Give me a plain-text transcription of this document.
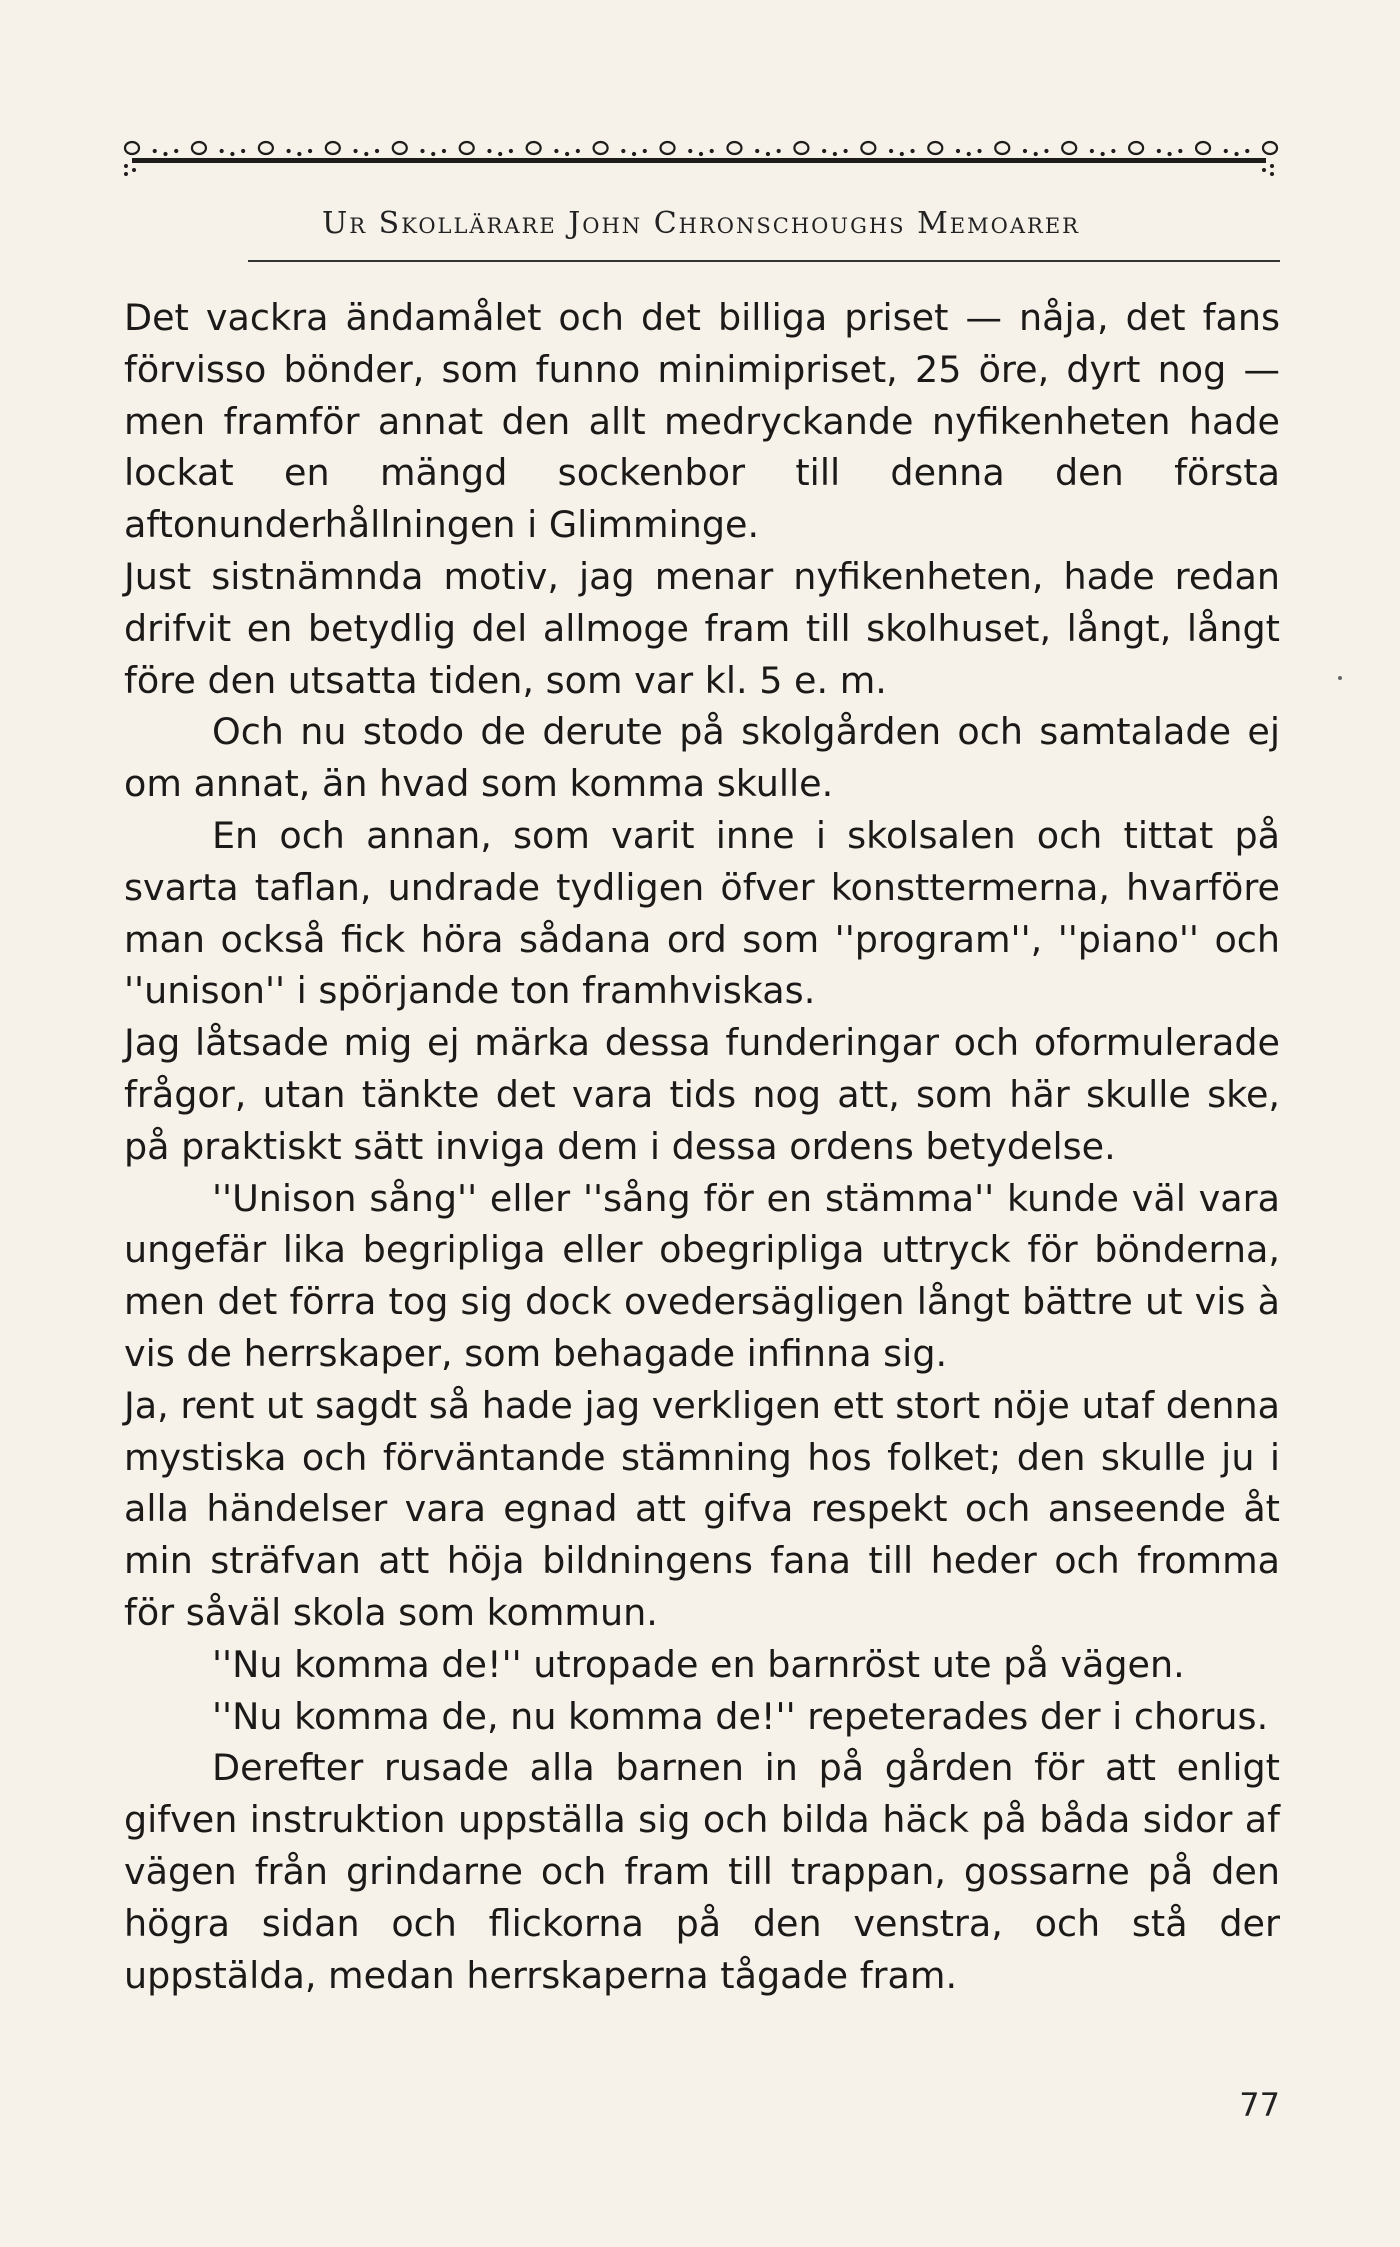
Ur Skollärare John Chronschoughs Memoarer

Det vackra ändamålet och det billiga priset — nåja, det fans förvisso bönder, som funno minimipriset, 25 öre, dyrt nog — men framför annat den allt medryckande nyfikenheten hade lockat en mängd sockenbor till denna den första aftonunderhållningen i Glimminge.

Just sistnämnda motiv, jag menar nyfikenheten, hade redan drifvit en betydlig del allmoge fram till skolhuset, långt, långt före den utsatta tiden, som var kl. 5 e. m.

Och nu stodo de derute på skolgården och samtalade ej om annat, än hvad som komma skulle.

En och annan, som varit inne i skolsalen och tittat på svarta taflan, undrade tydligen öfver konsttermerna, hvarföre man också fick höra sådana ord som ''program'', ''piano'' och ''unison'' i spörjande ton framhviskas.

Jag låtsade mig ej märka dessa funderingar och oformulerade frågor, utan tänkte det vara tids nog att, som här skulle ske, på praktiskt sätt inviga dem i dessa ordens betydelse.

''Unison sång'' eller ''sång för en stämma'' kunde väl vara ungefär lika begripliga eller obegripliga uttryck för bönderna, men det förra tog sig dock ovedersägligen långt bättre ut vis à vis de herrskaper, som behagade infinna sig.

Ja, rent ut sagdt så hade jag verkligen ett stort nöje utaf denna mystiska och förväntande stämning hos folket; den skulle ju i alla händelser vara egnad att gifva respekt och anseende åt min sträfvan att höja bildningens fana till heder och fromma för såväl skola som kommun.

''Nu komma de!'' utropade en barnröst ute på vägen.

''Nu komma de, nu komma de!'' repeterades der i chorus.

Derefter rusade alla barnen in på gården för att enligt gifven instruktion uppställa sig och bilda häck på båda sidor af vägen från grindarne och fram till trappan, gossarne på den högra sidan och flickorna på den venstra, och stå der uppstälda, medan herrskaperna tågade fram.

77
